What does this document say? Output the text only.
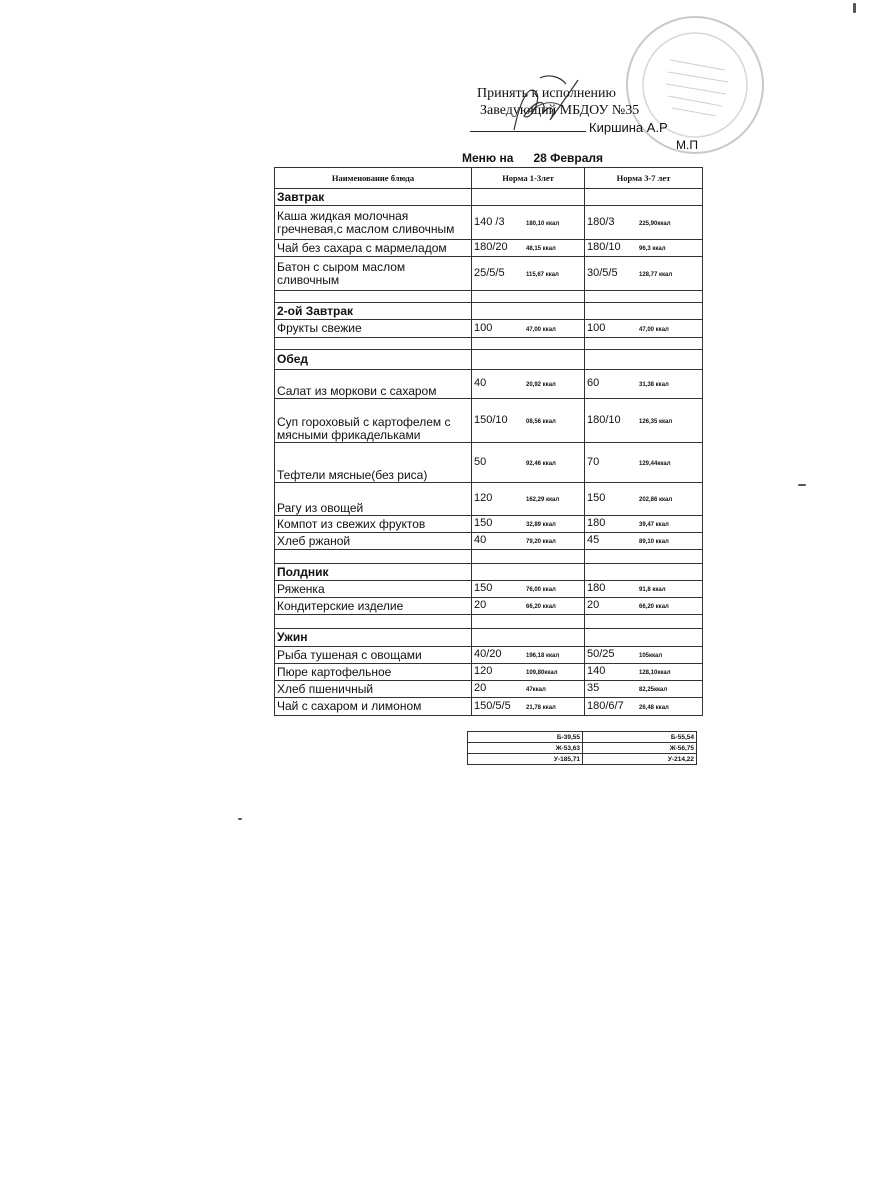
Принять к исполнению
Заведующий МБДОУ №35
Киршина А.Р
М.П
Меню на 28 Февраля
Наименование блюда	Норма 1-3лет	Норма 3-7 лет
Завтрак		
Каша жидкая молочная
гречневая,с маслом сливочным	140 /3 180,10 ккал	180/3 225,90ккал
Чай без сахара с мармеладом	180/20 48,15 ккал	180/10 96,3 ккал
Батон с сыром маслом
сливочным	25/5/5 115,67 ккал	30/5/5 128,77 ккал

2-ой Завтрак		
Фрукты свежие	100 47,00 ккал	100 47,00 ккал

Обед		
Салат из моркови с сахаром	40 20,92 ккал	60 31,38 ккал
Суп гороховый с картофелем с
мясными фрикадельками	150/10 08,56 ккал	180/10 126,35 ккал
Тефтели мясные(без риса)	50 92,46 ккал	70 129,44ккал
Рагу из овощей	120 162,29 ккал	150 202,86 ккал
Компот из свежих фруктов	150 32,89 ккал	180 39,47 ккал
Хлеб ржаной	40 79,20 ккал	45 89,10 ккал

Полдник		
Ряженка	150 76,00 ккал	180 91,8 ккал
Кондитерские изделие	20 66,20 ккал	20 66,20 ккал

Ужин		
Рыба тушеная с овощами	40/20 196,18 ккал	50/25 105ккал
Пюре картофельное	120 109,80ккал	140 128,10ккал
Хлеб пшеничный	20 47ккал	35 82,25ккал
Чай с сахаром и лимоном	150/5/5 21,78 ккал	180/6/7 26,48 ккал
Б-39,55	Б-55,54
Ж-53,63	Ж-56,75
У-185,71	У-214,22
